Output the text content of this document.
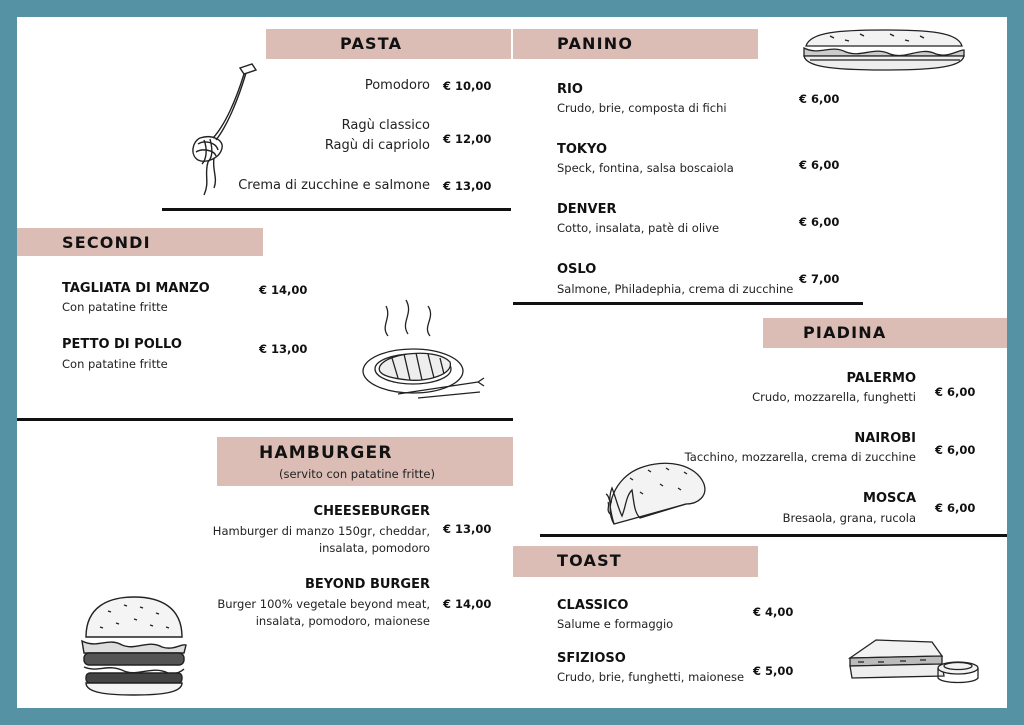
PASTA
Pomodoro € 10,00
Ragù classico
Ragù di capriolo € 12,00
Crema di zucchine e salmone € 13,00
SECONDI
TAGLIATA DI MANZO
Con patatine fritte
€ 14,00
PETTO DI POLLO
Con patatine fritte
€ 13,00
HAMBURGER
(servito con patatine fritte)
CHEESEBURGER
Hamburger di manzo 150gr, cheddar,
insalata, pomodoro
€ 13,00
BEYOND BURGER
Burger 100% vegetale beyond meat,
insalata, pomodoro, maionese
€ 14,00
PANINO
RIO
Crudo, brie, composta di fichi
€ 6,00
TOKYO
Speck, fontina, salsa boscaiola	€ 6,00
DENVER
Cotto, insalata, patè di olive	€ 6,00
OSLO
Salmone, Philadephia, crema di zucchine
€ 7,00
PIADINA
PALERMO
Crudo, mozzarella, funghetti € 6,00
NAIROBI
Tacchino, mozzarella, crema di zucchine € 6,00
MOSCA
Bresaola, grana, rucola
€ 6,00
TOAST
CLASSICO
Salume e formaggio
€ 4,00
SFIZIOSO
Crudo, brie, funghetti, maionese € 5,00
